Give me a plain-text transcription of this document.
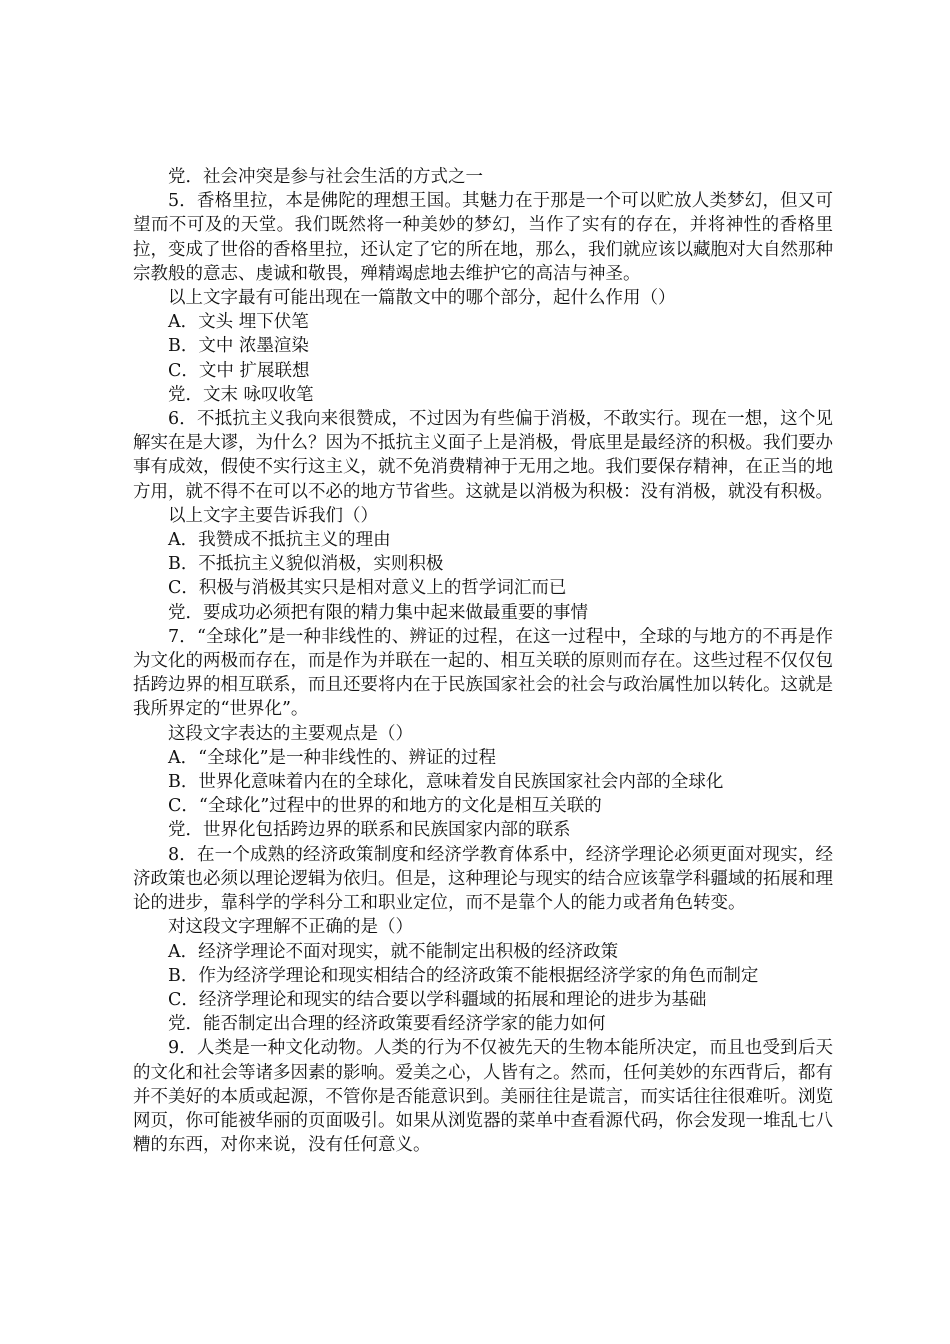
党．社会冲突是参与社会生活的方式之一
5．香格里拉，本是佛陀的理想王国。其魅力在于那是一个可以贮放人类梦幻，但又可望而不可及的天堂。我们既然将一种美妙的梦幻，当作了实有的存在，并将神性的香格里拉，变成了世俗的香格里拉，还认定了它的所在地，那么，我们就应该以藏胞对大自然那种宗教般的意志、虔诚和敬畏，殚精竭虑地去维护它的高洁与神圣。
以上文字最有可能出现在一篇散文中的哪个部分，起什么作用（）
A．文头 埋下伏笔
B．文中 浓墨渲染
C．文中 扩展联想
党．文末 咏叹收笔
6．不抵抗主义我向来很赞成，不过因为有些偏于消极，不敢实行。现在一想，这个见解实在是大谬，为什么？因为不抵抗主义面子上是消极，骨底里是最经济的积极。我们要办事有成效，假使不实行这主义，就不免消费精神于无用之地。我们要保存精神，在正当的地方用，就不得不在可以不必的地方节省些。这就是以消极为积极：没有消极，就没有积极。
以上文字主要告诉我们（）
A．我赞成不抵抗主义的理由
B．不抵抗主义貌似消极，实则积极
C．积极与消极其实只是相对意义上的哲学词汇而已
党．要成功必须把有限的精力集中起来做最重要的事情
7．“全球化”是一种非线性的、辨证的过程，在这一过程中，全球的与地方的不再是作为文化的两极而存在，而是作为并联在一起的、相互关联的原则而存在。这些过程不仅仅包括跨边界的相互联系，而且还要将内在于民族国家社会的社会与政治属性加以转化。这就是我所界定的“世界化”。
这段文字表达的主要观点是（）
A．“全球化”是一种非线性的、辨证的过程
B．世界化意味着内在的全球化，意味着发自民族国家社会内部的全球化
C．“全球化”过程中的世界的和地方的文化是相互关联的
党．世界化包括跨边界的联系和民族国家内部的联系
8．在一个成熟的经济政策制度和经济学教育体系中，经济学理论必须更面对现实，经济政策也必须以理论逻辑为依归。但是，这种理论与现实的结合应该靠学科疆域的拓展和理论的进步，靠科学的学科分工和职业定位，而不是靠个人的能力或者角色转变。
对这段文字理解不正确的是（）
A．经济学理论不面对现实，就不能制定出积极的经济政策
B．作为经济学理论和现实相结合的经济政策不能根据经济学家的角色而制定
C．经济学理论和现实的结合要以学科疆域的拓展和理论的进步为基础
党．能否制定出合理的经济政策要看经济学家的能力如何
9．人类是一种文化动物。人类的行为不仅被先天的生物本能所决定，而且也受到后天的文化和社会等诸多因素的影响。爱美之心，人皆有之。然而，任何美妙的东西背后，都有并不美好的本质或起源，不管你是否能意识到。美丽往往是谎言，而实话往往很难听。浏览网页，你可能被华丽的页面吸引。如果从浏览器的菜单中查看源代码，你会发现一堆乱七八糟的东西，对你来说，没有任何意义。
